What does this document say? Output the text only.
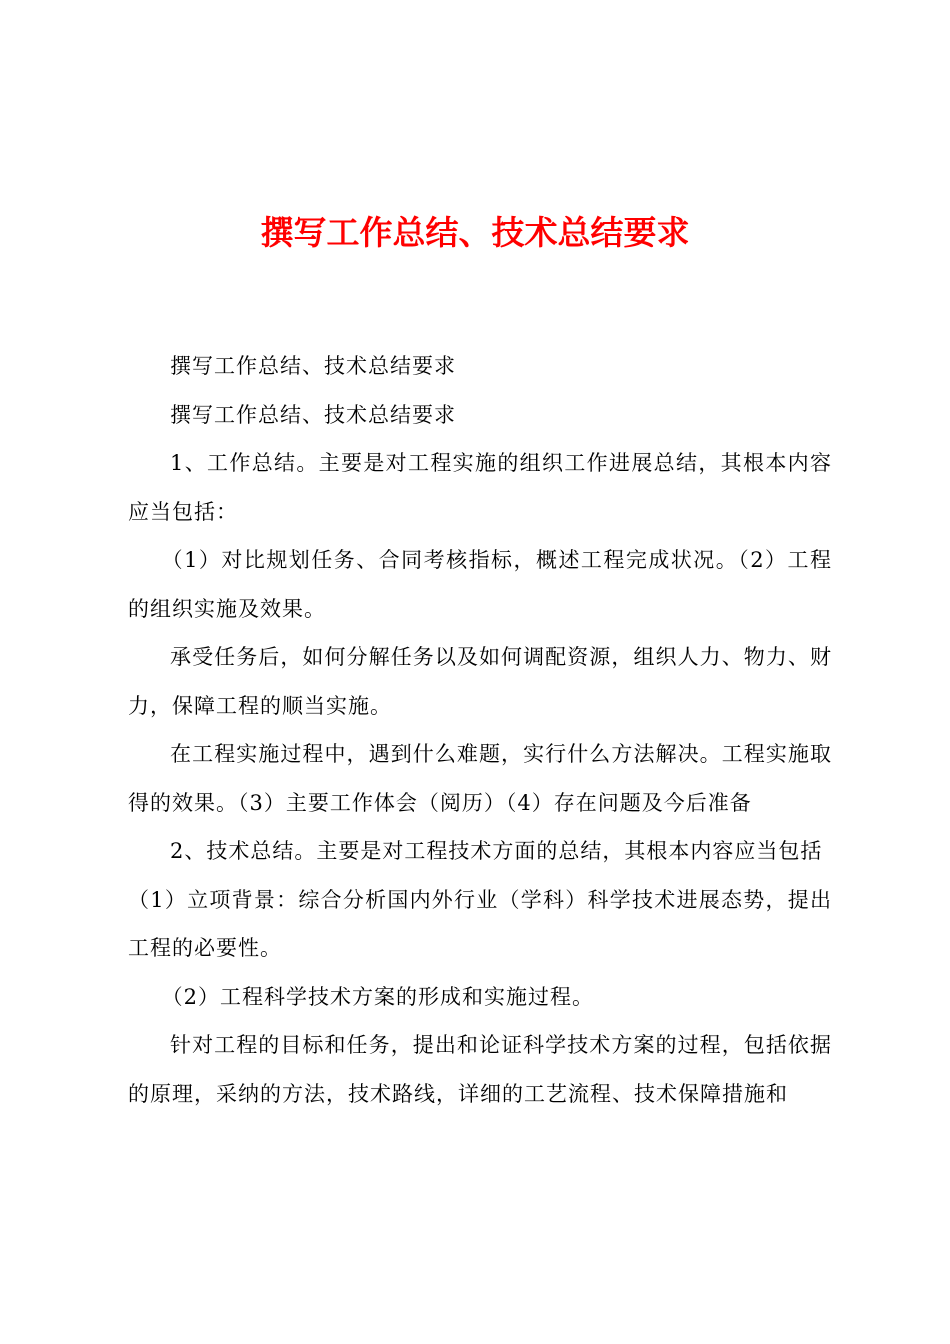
撰写工作总结、技术总结要求

撰写工作总结、技术总结要求

撰写工作总结、技术总结要求

1、工作总结。主要是对工程实施的组织工作进展总结，其根本内容应当包括：

（1）对比规划任务、合同考核指标，概述工程完成状况。（2）工程的组织实施及效果。

承受任务后，如何分解任务以及如何调配资源，组织人力、物力、财力，保障工程的顺当实施。

在工程实施过程中，遇到什么难题，实行什么方法解决。工程实施取得的效果。（3）主要工作体会（阅历）（4）存在问题及今后准备

2、技术总结。主要是对工程技术方面的总结，其根本内容应当包括

（1）立项背景：综合分析国内外行业（学科）科学技术进展态势，提出工程的必要性。

（2）工程科学技术方案的形成和实施过程。

针对工程的目标和任务，提出和论证科学技术方案的过程，包括依据的原理，采纳的方法，技术路线，详细的工艺流程、技术保障措施和
